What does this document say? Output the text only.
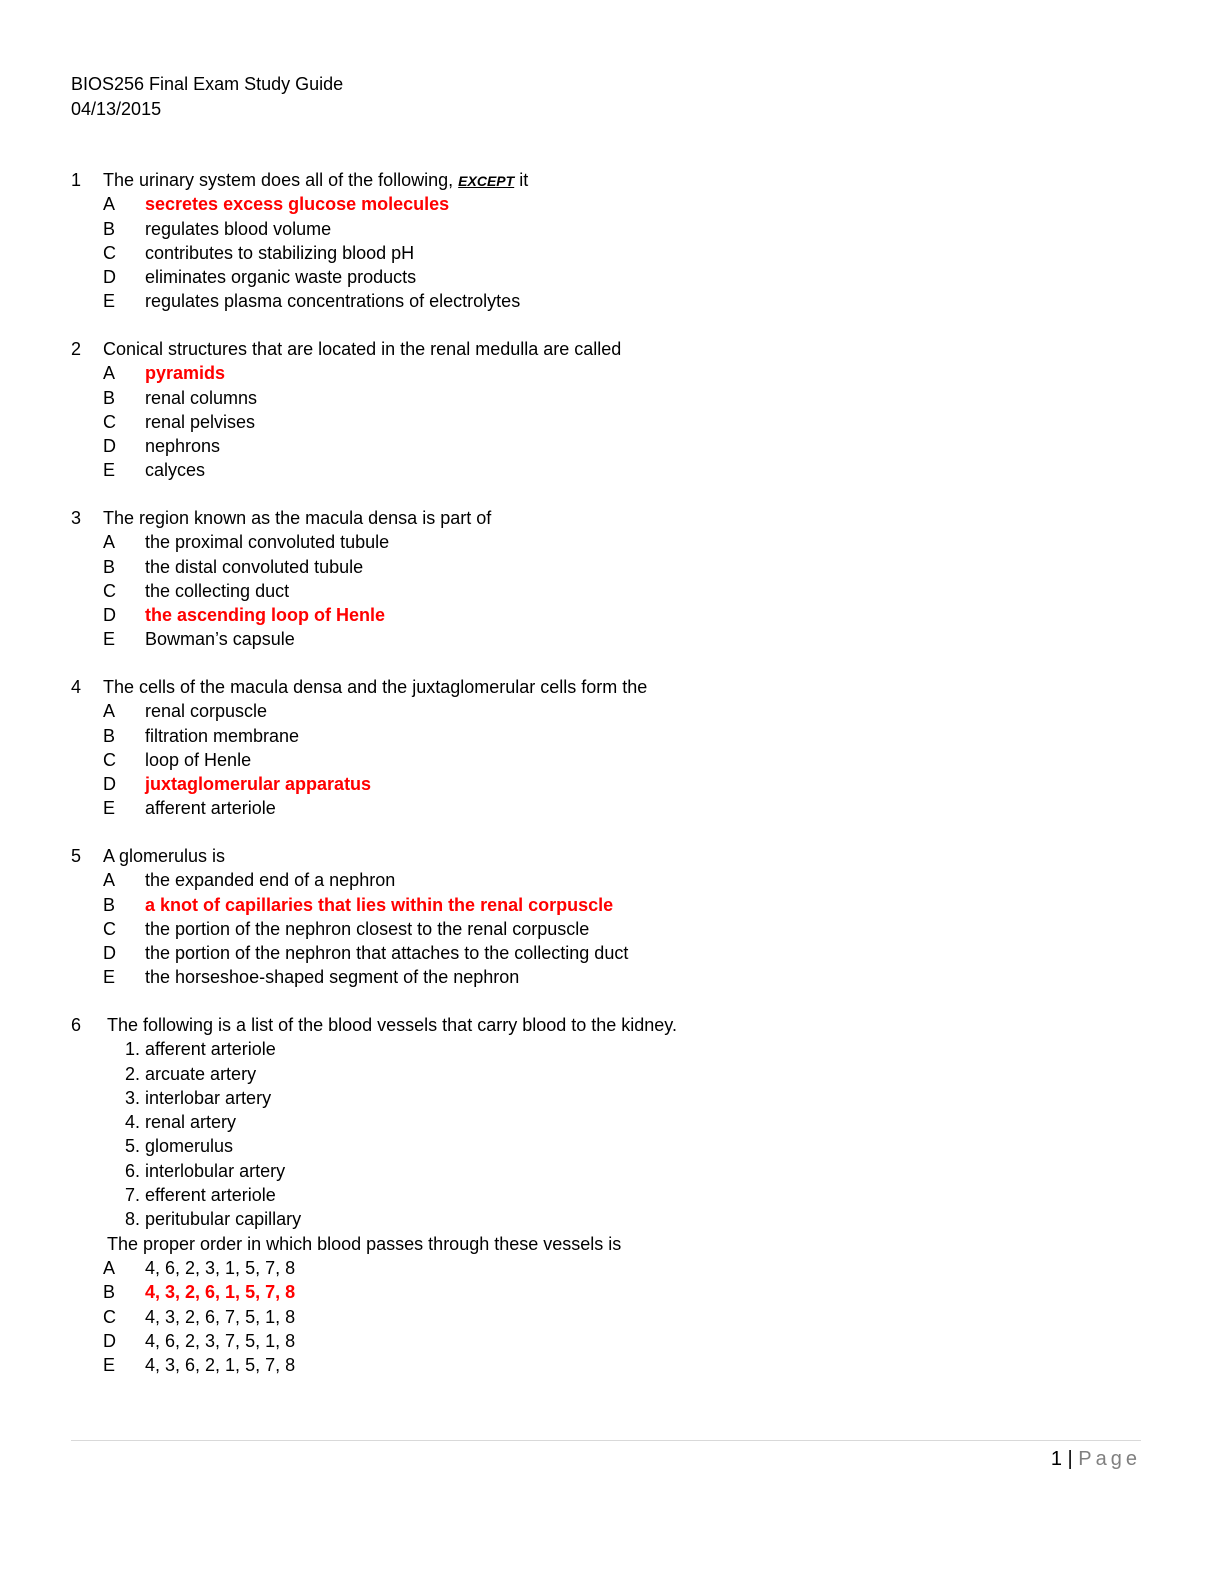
BIOS256 Final Exam Study Guide
04/13/2015
1 The urinary system does all of the following, EXCEPT it
A secretes excess glucose molecules
B regulates blood volume
C contributes to stabilizing blood pH
D eliminates organic waste products
E regulates plasma concentrations of electrolytes
2 Conical structures that are located in the renal medulla are called
A pyramids
B renal columns
C renal pelvises
D nephrons
E calyces
3 The region known as the macula densa is part of
A the proximal convoluted tubule
B the distal convoluted tubule
C the collecting duct
D the ascending loop of Henle
E Bowman’s capsule
4 The cells of the macula densa and the juxtaglomerular cells form the
A renal corpuscle
B filtration membrane
C loop of Henle
D juxtaglomerular apparatus
E afferent arteriole
5 A glomerulus is
A the expanded end of a nephron
B a knot of capillaries that lies within the renal corpuscle
C the portion of the nephron closest to the renal corpuscle
D the portion of the nephron that attaches to the collecting duct
E the horseshoe-shaped segment of the nephron
6 The following is a list of the blood vessels that carry blood to the kidney.
1. afferent arteriole
2. arcuate artery
3. interlobar artery
4. renal artery
5. glomerulus
6. interlobular artery
7. efferent arteriole
8. peritubular capillary
The proper order in which blood passes through these vessels is
A 4, 6, 2, 3, 1, 5, 7, 8
B 4, 3, 2, 6, 1, 5, 7, 8
C 4, 3, 2, 6, 7, 5, 1, 8
D 4, 6, 2, 3, 7, 5, 1, 8
E 4, 3, 6, 2, 1, 5, 7, 8
1 | Page
